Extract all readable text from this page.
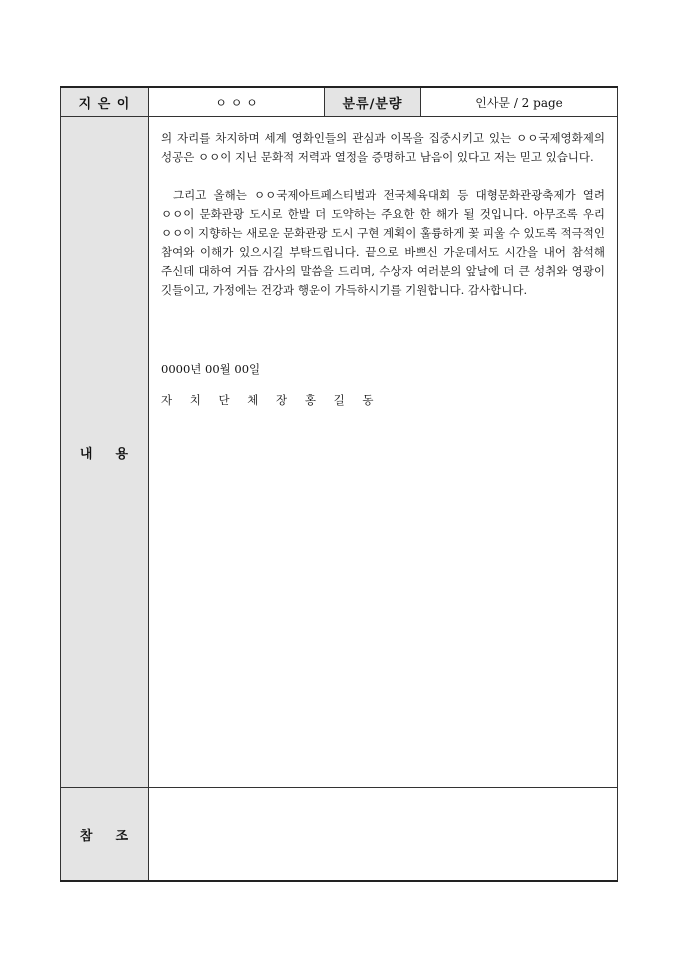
지 은 이	ㅇ ㅇ ㅇ	분류/분량	인사문 / 2 page
내    용	의 자리를 차지하며 세계 영화인들의 관심과 이목을 집중시키고 있는 ㅇㅇ국제영화제의 성공은 ㅇㅇ이 지닌 문화적 저력과 열정을 증명하고 남음이 있다고 저는 믿고 있습니다.

그리고 올해는 ㅇㅇ국제아트페스티벌과 전국체육대회 등 대형문화관광축제가 열려 ㅇㅇ이 문화관광 도시로 한발 더 도약하는 주요한 한 해가 될 것입니다. 아무조록 우리 ㅇㅇ이 지향하는 새로운 문화관광 도시 구현 계획이 훌륭하게 꽃 피울 수 있도록 적극적인 참여와 이해가 있으시길 부탁드립니다. 끝으로 바쁘신 가운데서도 시간을 내어 참석해 주신데 대하여 거듭 감사의 말씀을 드리며, 수상자 여러분의 앞날에 더 큰 성취와 영광이 깃들이고, 가정에는 건강과 행운이 가득하시기를 기원합니다. 감사합니다.

0000년 00월 00일

자 치 단 체 장 홍 길 동		

참    조			
